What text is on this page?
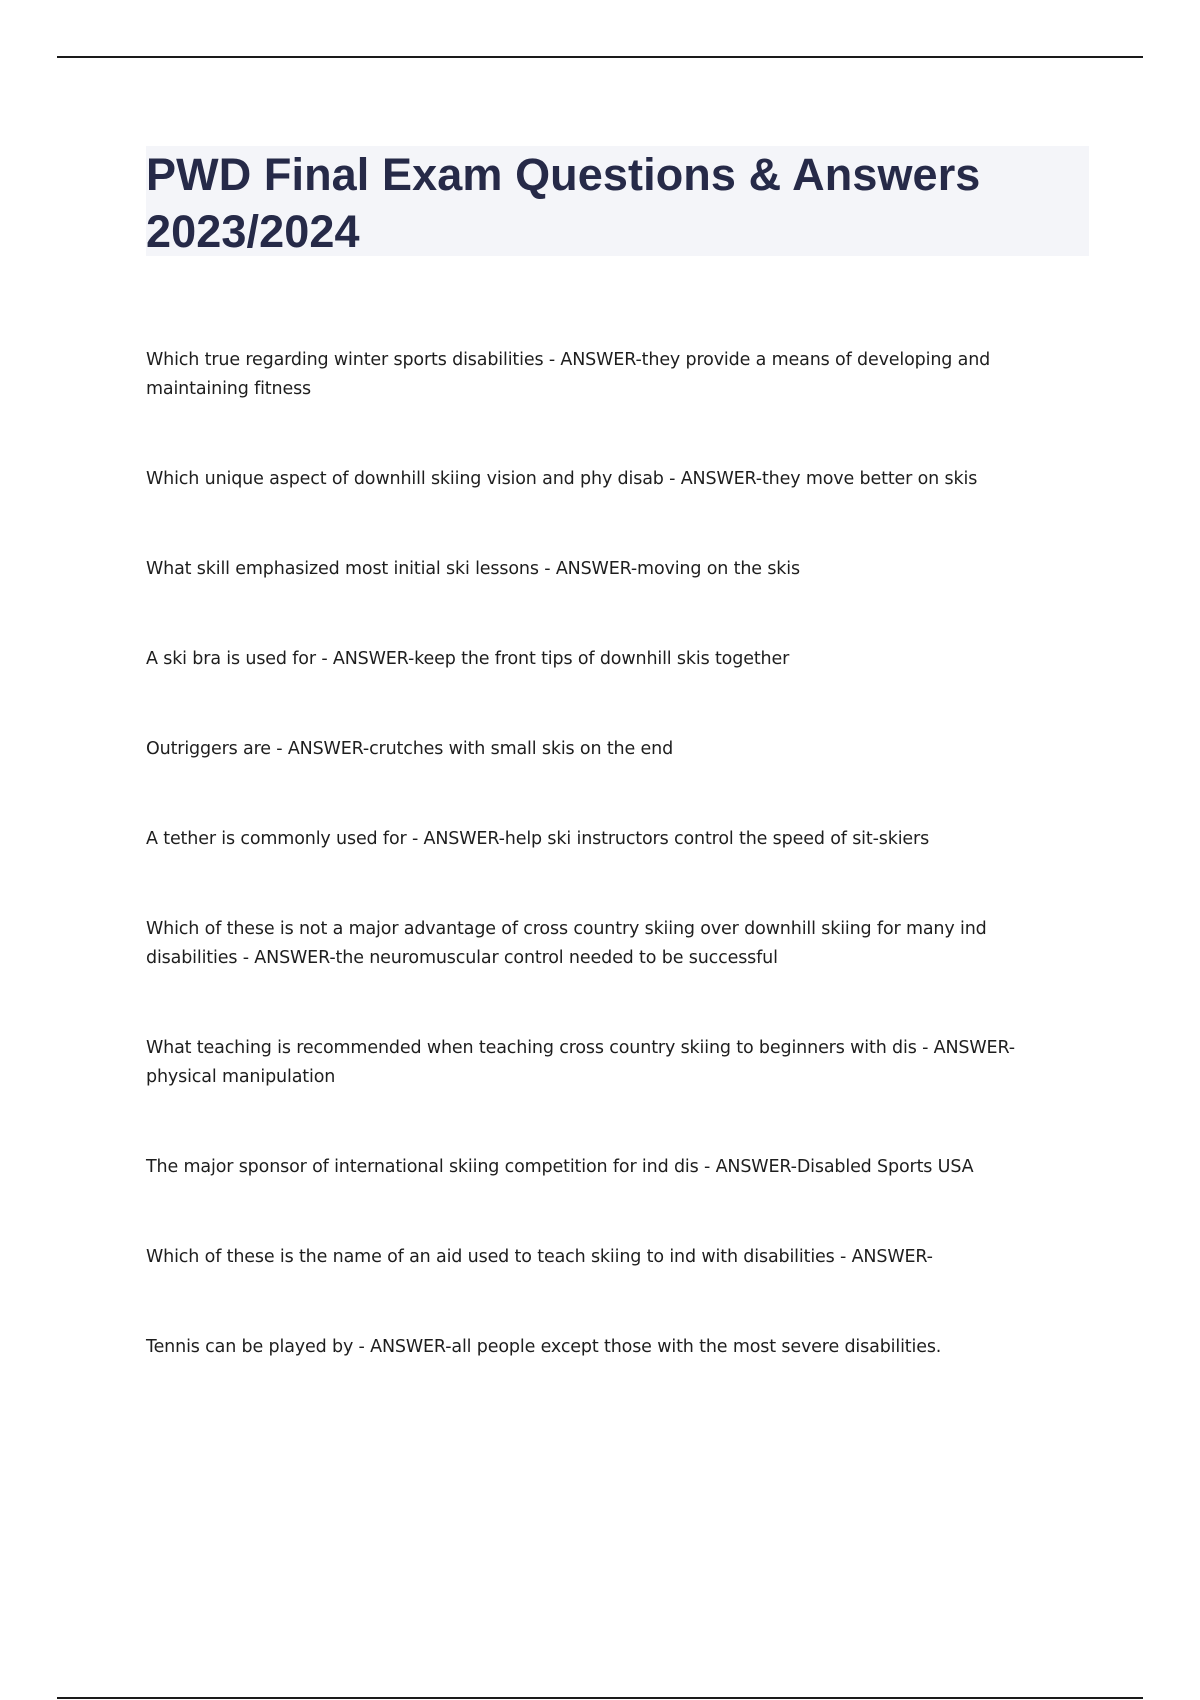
PWD Final Exam Questions & Answers 2023/2024
Which true regarding winter sports disabilities - ANSWER-they provide a means of developing and maintaining fitness
Which unique aspect of downhill skiing vision and phy disab - ANSWER-they move better on skis
What skill emphasized most initial ski lessons - ANSWER-moving on the skis
A ski bra is used for - ANSWER-keep the front tips of downhill skis together
Outriggers are - ANSWER-crutches with small skis on the end
A tether is commonly used for - ANSWER-help ski instructors control the speed of sit-skiers
Which of these is not a major advantage of cross country skiing over downhill skiing for many ind disabilities - ANSWER-the neuromuscular control needed to be successful
What teaching is recommended when teaching cross country skiing to beginners with dis - ANSWER-physical manipulation
The major sponsor of international skiing competition for ind dis - ANSWER-Disabled Sports USA
Which of these is the name of an aid used to teach skiing to ind with disabilities - ANSWER-
Tennis can be played by - ANSWER-all people except those with the most severe disabilities.
